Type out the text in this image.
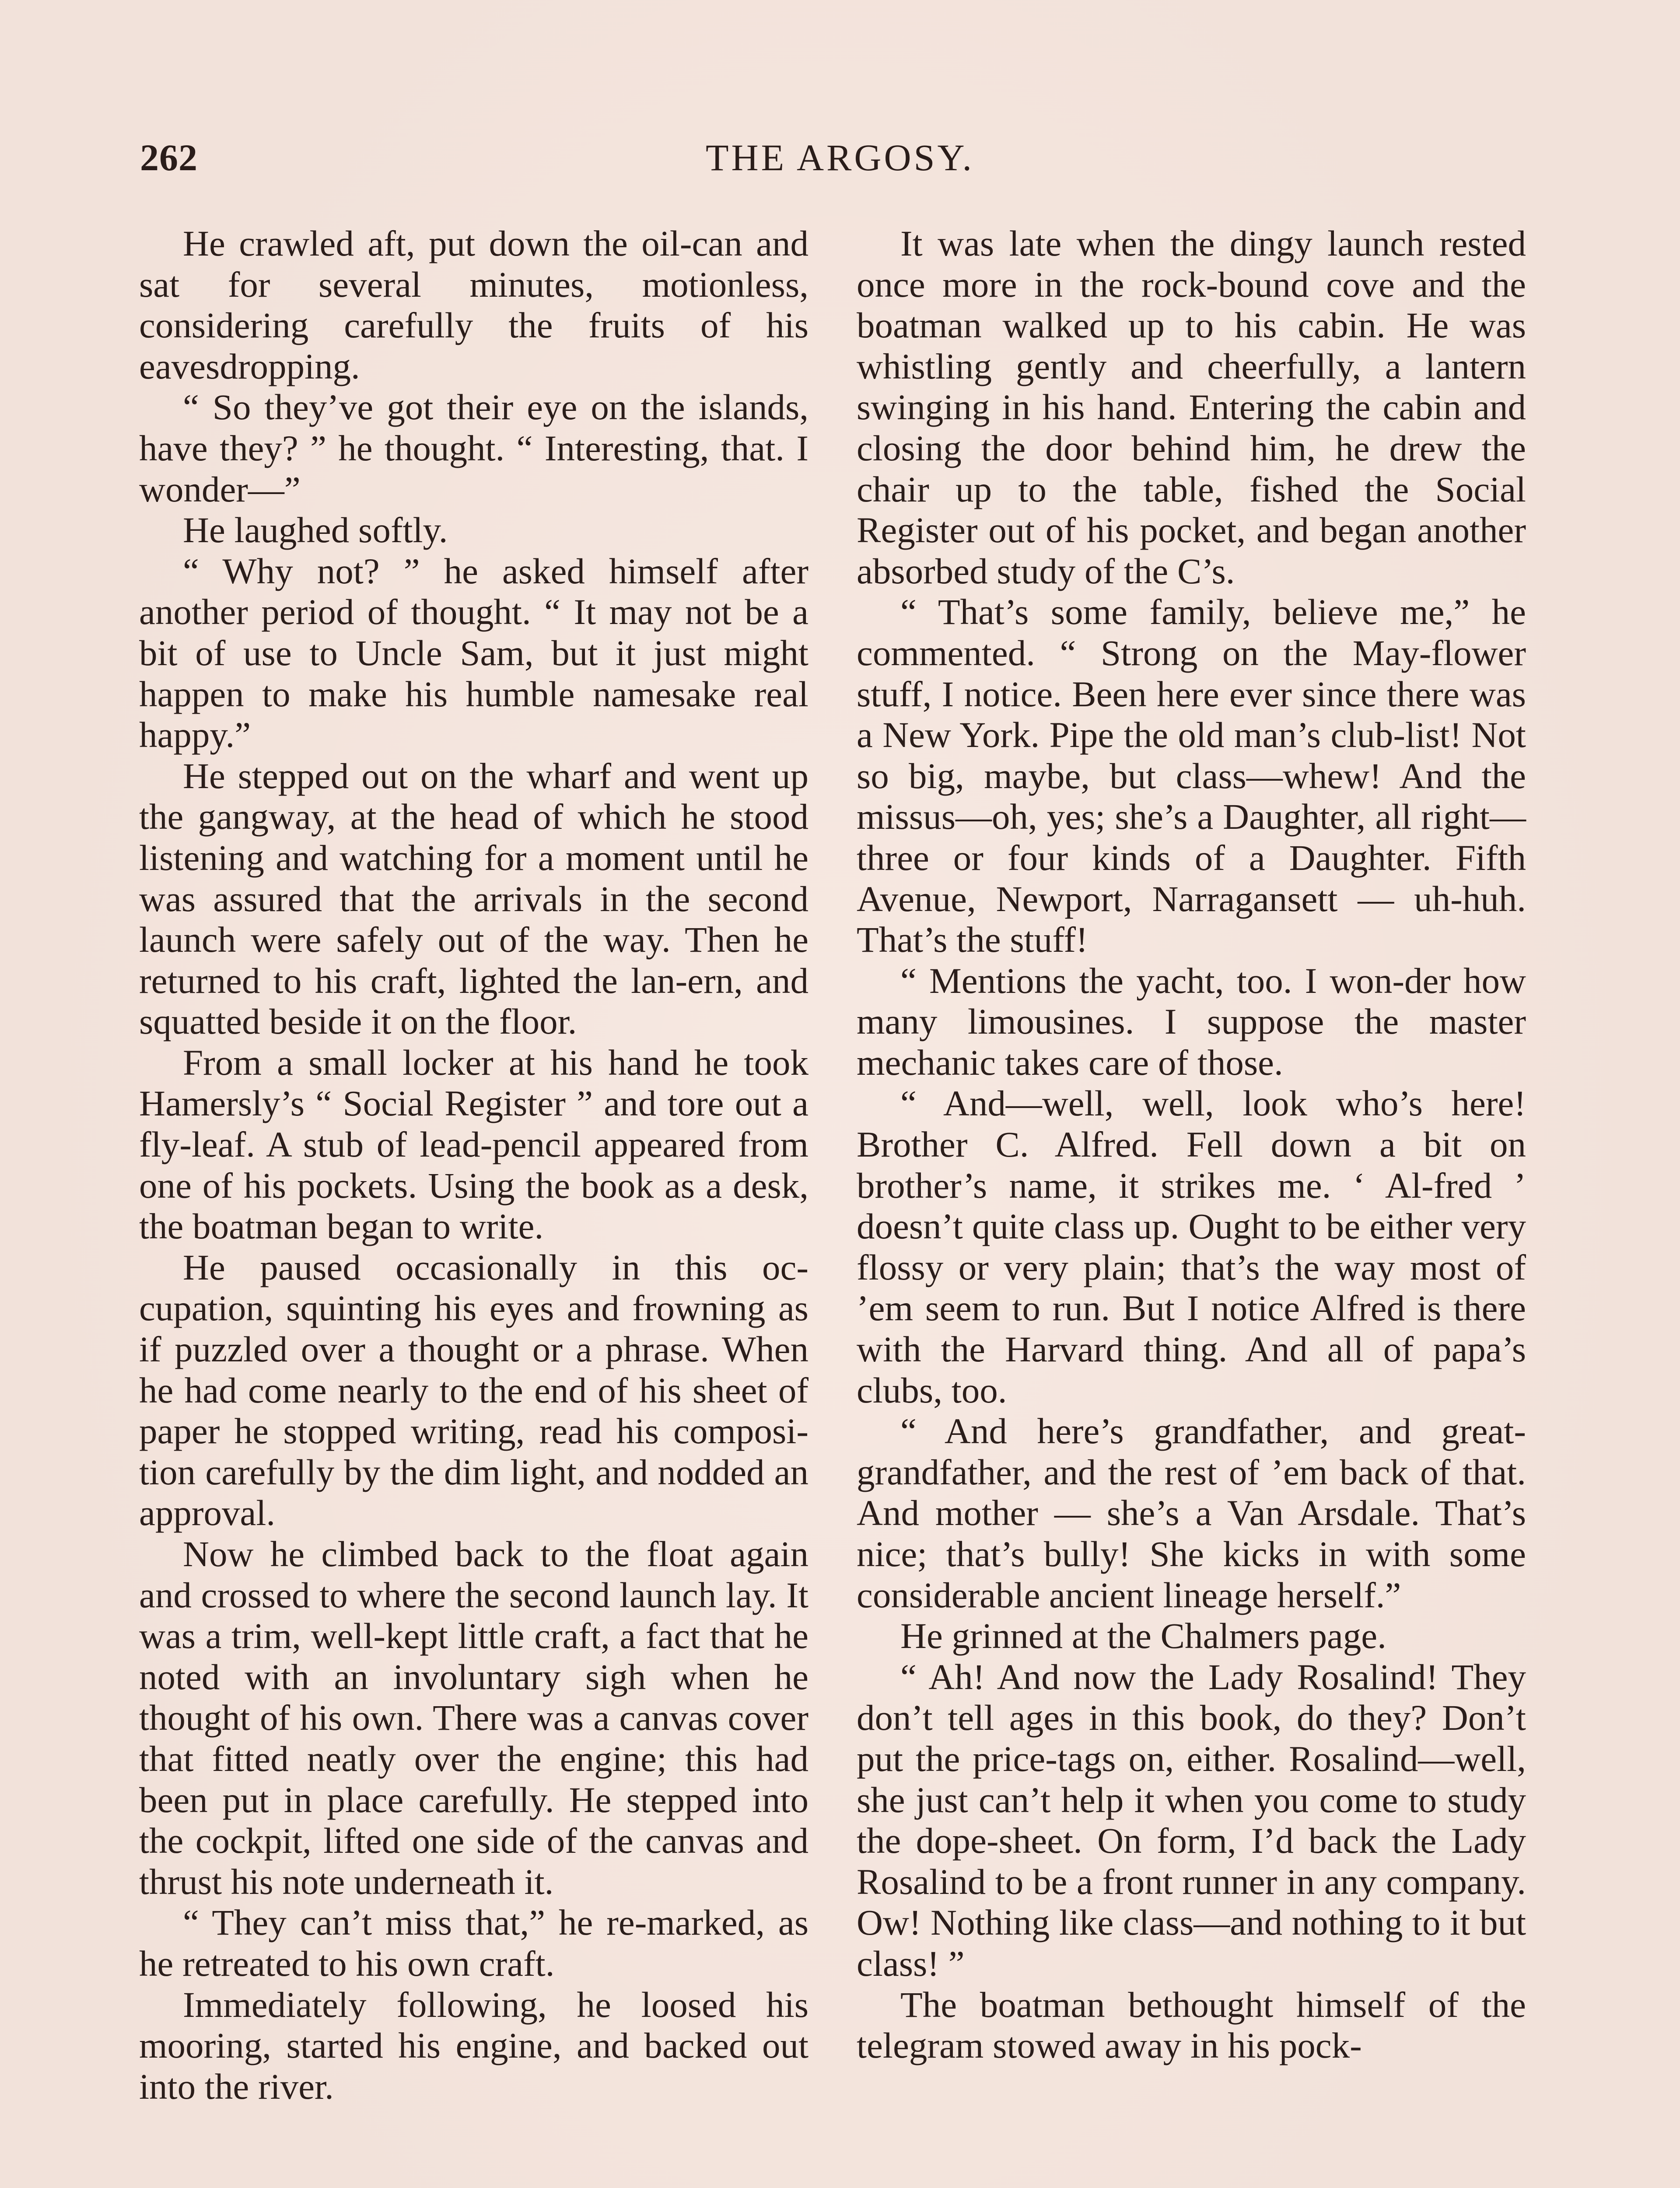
262	THE ARGOSY.

He crawled aft, put down the oil-can and sat for several minutes, motionless, considering carefully the fruits of his eavesdropping.

“ So they’ve got their eye on the islands, have they? ” he thought. “ Interesting, that. I wonder—”

He laughed softly.

“ Why not? ” he asked himself after another period of thought. “ It may not be a bit of use to Uncle Sam, but it just might happen to make his humble namesake real happy.”

He stepped out on the wharf and went up the gangway, at the head of which he stood listening and watching for a moment until he was assured that the arrivals in the second launch were safely out of the way. Then he returned to his craft, lighted the lan-ern, and squatted beside it on the floor.

From a small locker at his hand he took Hamersly’s “ Social Register ” and tore out a fly-leaf. A stub of lead-pencil appeared from one of his pockets. Using the book as a desk, the boatman began to write.

He paused occasionally in this oc-cupation, squinting his eyes and frowning as if puzzled over a thought or a phrase. When he had come nearly to the end of his sheet of paper he stopped writing, read his composi-tion carefully by the dim light, and nodded an approval.

Now he climbed back to the float again and crossed to where the second launch lay. It was a trim, well-kept little craft, a fact that he noted with an involuntary sigh when he thought of his own. There was a canvas cover that fitted neatly over the engine; this had been put in place carefully. He stepped into the cockpit, lifted one side of the canvas and thrust his note underneath it.

“ They can’t miss that,” he re-marked, as he retreated to his own craft.

Immediately following, he loosed his mooring, started his engine, and backed out into the river.

It was late when the dingy launch rested once more in the rock-bound cove and the boatman walked up to his cabin. He was whistling gently and cheerfully, a lantern swinging in his hand. Entering the cabin and closing the door behind him, he drew the chair up to the table, fished the Social Register out of his pocket, and began another absorbed study of the C’s.

“ That’s some family, believe me,” he commented. “ Strong on the May-flower stuff, I notice. Been here ever since there was a New York. Pipe the old man’s club-list! Not so big, maybe, but class—whew! And the missus—oh, yes; she’s a Daughter, all right—three or four kinds of a Daughter. Fifth Avenue, Newport, Narragansett — uh-huh. That’s the stuff!

“ Mentions the yacht, too. I won-der how many limousines. I suppose the master mechanic takes care of those.

“ And—well, well, look who’s here! Brother C. Alfred. Fell down a bit on brother’s name, it strikes me. ‘ Al-fred ’ doesn’t quite class up. Ought to be either very flossy or very plain; that’s the way most of ’em seem to run. But I notice Alfred is there with the Harvard thing. And all of papa’s clubs, too.

“ And here’s grandfather, and great-grandfather, and the rest of ’em back of that. And mother — she’s a Van Arsdale. That’s nice; that’s bully! She kicks in with some considerable ancient lineage herself.”

He grinned at the Chalmers page.

“ Ah! And now the Lady Rosalind! They don’t tell ages in this book, do they? Don’t put the price-tags on, either. Rosalind—well, she just can’t help it when you come to study the dope-sheet. On form, I’d back the Lady Rosalind to be a front runner in any company. Ow! Nothing like class—and nothing to it but class! ”

The boatman bethought himself of the telegram stowed away in his pock-
